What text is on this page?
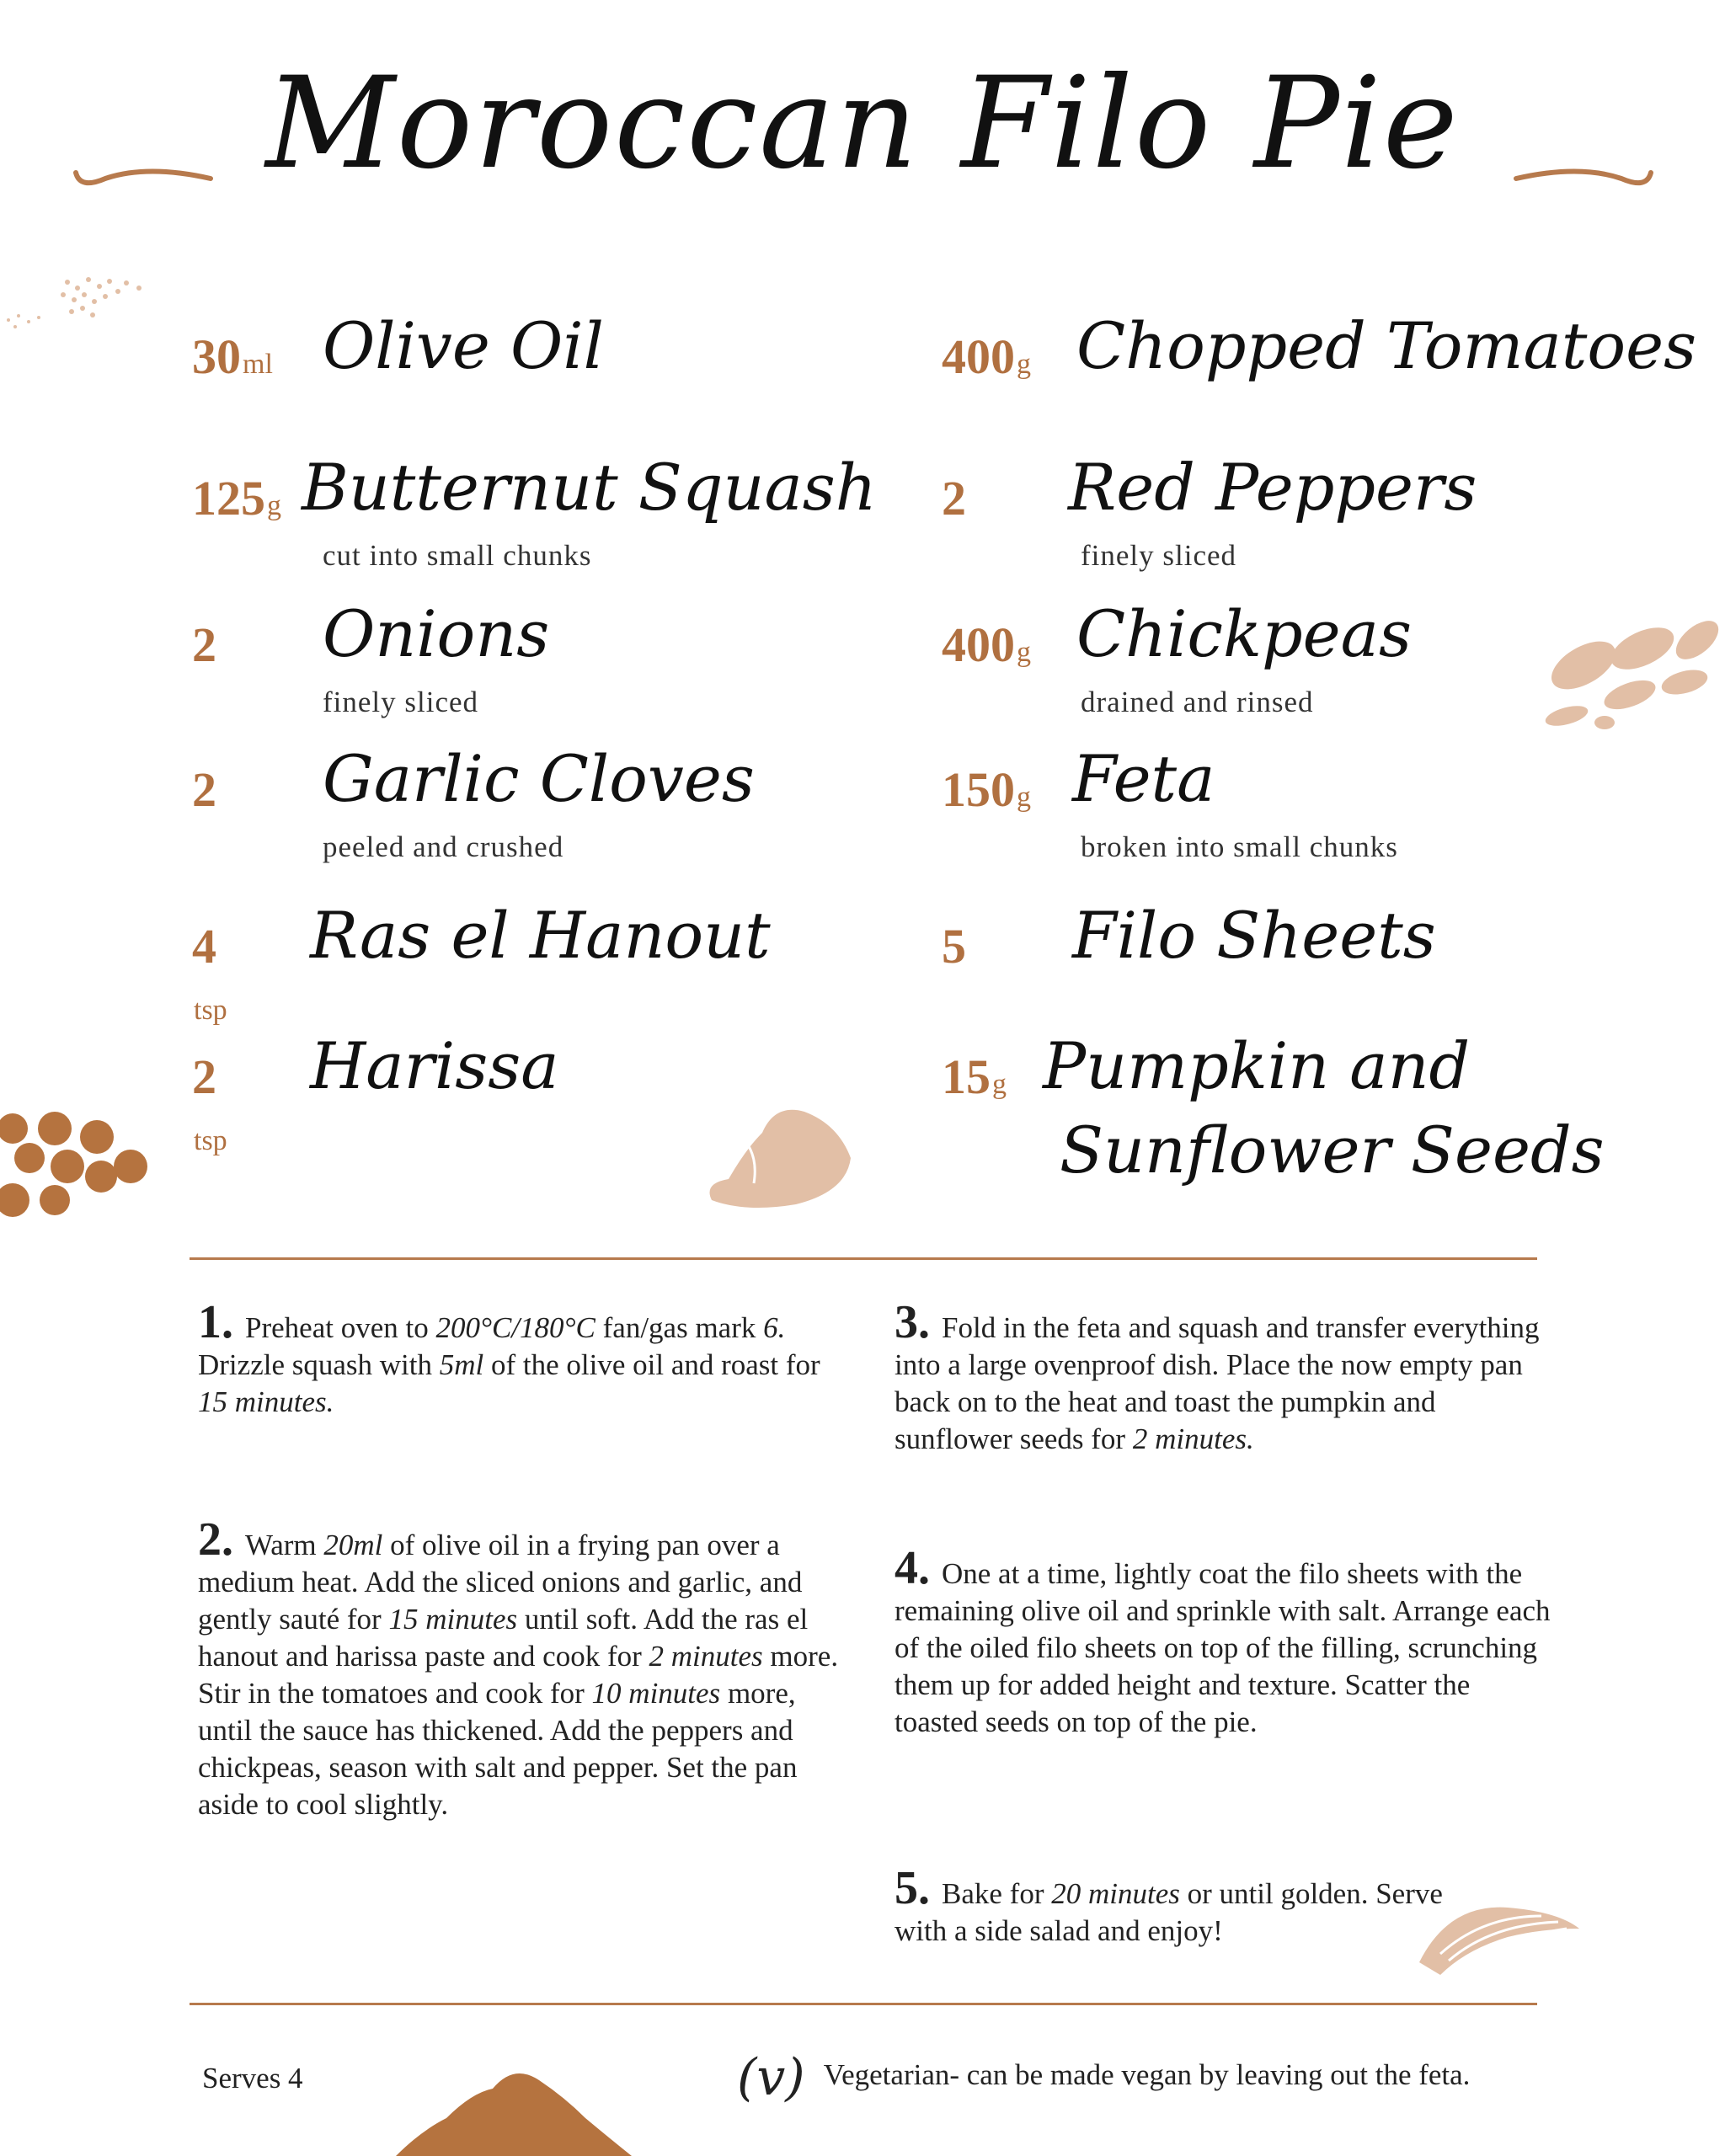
Moroccan Filo Pie
30ml Olive Oil
125g Butternut Squash
cut into small chunks
2 Onions
finely sliced
2 Garlic Cloves
peeled and crushed
4 tsp
Ras el Hanout
2 tsp
Harissa
400g Chopped Tomatoes
2 Red Peppers
finely sliced
400g Chickpeas
drained and rinsed
150g Feta
broken into small chunks
5 Filo Sheets
15g Pumpkin and
Sunflower Seeds
1. Preheat oven to 200°C/180°C fan/gas mark 6. Drizzle squash with 5ml of the olive oil and roast for 15 minutes.
2. Warm 20ml of olive oil in a frying pan over a medium heat. Add the sliced onions and garlic, and gently sauté for 15 minutes until soft. Add the ras el hanout and harissa paste and cook for 2 minutes more. Stir in the tomatoes and cook for 10 minutes more, until the sauce has thickened. Add the peppers and chickpeas, season with salt and pepper. Set the pan aside to cool slightly.
3. Fold in the feta and squash and transfer everything into a large ovenproof dish. Place the now empty pan back on to the heat and toast the pumpkin and sunflower seeds for 2 minutes.
4. One at a time, lightly coat the filo sheets with the remaining olive oil and sprinkle with salt. Arrange each of the oiled filo sheets on top of the filling, scrunching them up for added height and texture. Scatter the toasted seeds on top of the pie.
5. Bake for 20 minutes or until golden. Serve with a side salad and enjoy!
Serves 4	(v) Vegetarian- can be made vegan by leaving out the feta.
